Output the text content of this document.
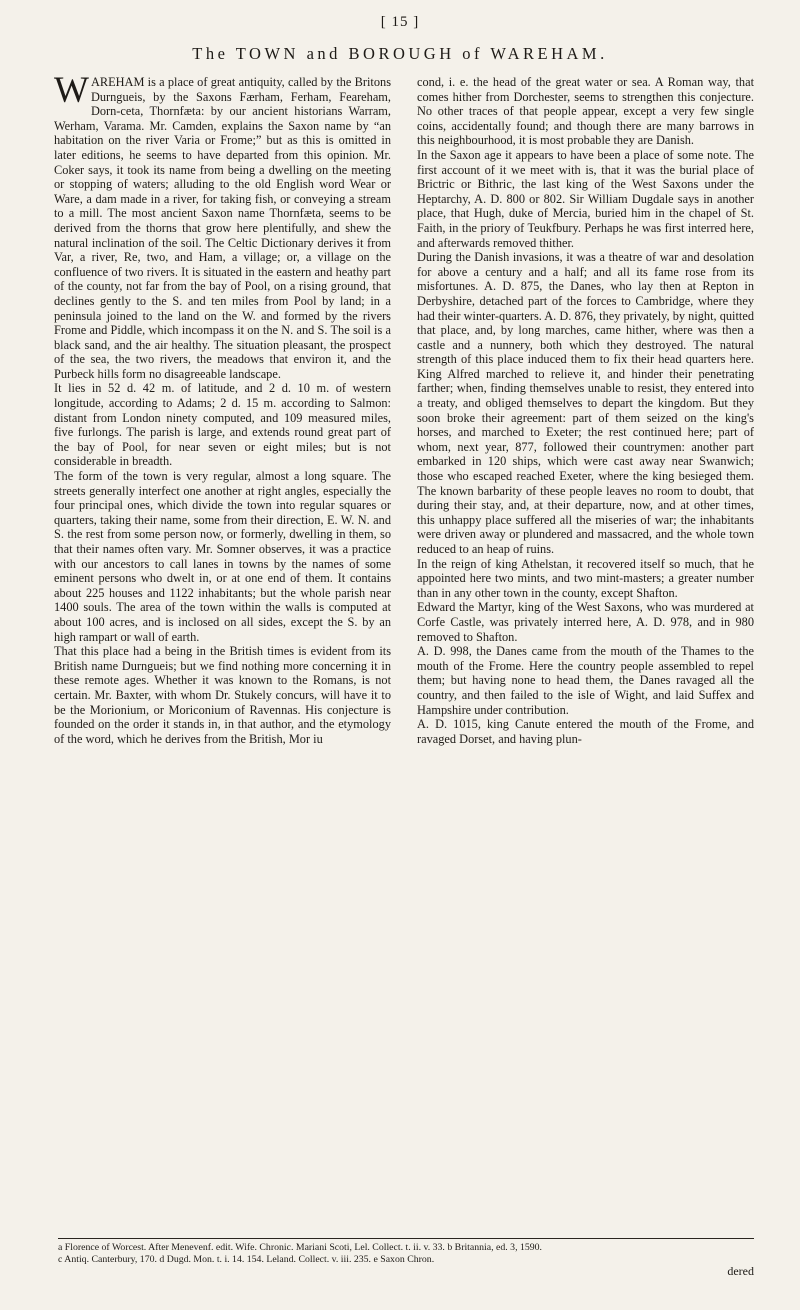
[ 15 ]
The TOWN and BOROUGH of WAREHAM.
W AREHAM is a place of great antiquity, called by the Britons Durngueis, by the Saxons Færham, Ferham, Feareham, Dorn-ceta, Thornfæta: by our ancient historians Warram, Werham, Varama. Mr. Camden, explains the Saxon name by “an habitation on the river Varia or Frome;” but as this is omitted in later editions, he seems to have departed from this opinion. Mr. Coker says, it took its name from being a dwelling on the meeting or stopping of waters; alluding to the old English word Wear or Ware, a dam made in a river, for taking fish, or conveying a stream to a mill. The most ancient Saxon name Thornfæta, seems to be derived from the thorns that grow here plentifully, and shew the natural inclination of the soil. The Celtic Dictionary derives it from Var, a river, Re, two, and Ham, a village; or, a village on the confluence of two rivers. It is situated in the eastern and heathy part of the county, not far from the bay of Pool, on a rising ground, that declines gently to the S. and ten miles from Pool by land; in a peninsula joined to the land on the W. and formed by the rivers Frome and Piddle, which incompass it on the N. and S. The soil is a black sand, and the air healthy. The situation pleasant, the prospect of the sea, the two rivers, the meadows that environ it, and the Purbeck hills form no disagreeable landscape.

It lies in 52 d. 42 m. of latitude, and 2 d. 10 m. of western longitude, according to Adams; 2 d. 15 m. according to Salmon: distant from London ninety computed, and 109 measured miles, five furlongs. The parish is large, and extends round great part of the bay of Pool, for near seven or eight miles; but is not considerable in breadth.

The form of the town is very regular, almost a long square. The streets generally interfect one another at right angles, especially the four principal ones, which divide the town into regular squares or quarters, taking their name, some from their direction, E. W. N. and S. the rest from some person now, or formerly, dwelling in them, so that their names often vary. Mr. Somner observes, it was a practice with our ancestors to call lanes in towns by the names of some eminent persons who dwelt in, or at one end of them. It contains about 225 houses and 1122 inhabitants; but the whole parish near 1400 souls. The area of the town within the walls is computed at about 100 acres, and is inclosed on all sides, except the S. by an high rampart or wall of earth.

That this place had a being in the British times is evident from its British name Durngueis; but we find nothing more concerning it in these remote ages. Whether it was known to the Romans, is not certain. Mr. Baxter, with whom Dr. Stukely concurs, will have it to be the Morionium, or Moriconium of Ravennas. His conjecture is founded on the order it stands in, in that author, and the etymology of the word, which he derives from the British, Mor iu

cond, i. e. the head of the great water or sea. A Roman way, that comes hither from Dorchester, seems to strengthen this conjecture. No other traces of that people appear, except a very few single coins, accidentally found; and though there are many barrows in this neighbourhood, it is most probable they are Danish.

In the Saxon age it appears to have been a place of some note. The first account of it we meet with is, that it was the burial place of Brictric or Bithric, the last king of the West Saxons under the Heptarchy, A. D. 800 or 802. Sir William Dugdale says in another place, that Hugh, duke of Mercia, buried him in the chapel of St. Faith, in the priory of Teukfbury. Perhaps he was first interred here, and afterwards removed thither.

During the Danish invasions, it was a theatre of war and desolation for above a century and a half; and all its fame rose from its misfortunes. A. D. 875, the Danes, who lay then at Repton in Derbyshire, detached part of the forces to Cambridge, where they had their winter-quarters. A. D. 876, they privately, by night, quitted that place, and, by long marches, came hither, where was then a castle and a nunnery, both which they destroyed. The natural strength of this place induced them to fix their head quarters here. King Alfred marched to relieve it, and hinder their penetrating farther; when, finding themselves unable to resist, they entered into a treaty, and obliged themselves to depart the kingdom. But they soon broke their agreement: part of them seized on the king's horses, and marched to Exeter; the rest continued here; part of whom, next year, 877, followed their countrymen: another part embarked in 120 ships, which were cast away near Swanwich; those who escaped reached Exeter, where the king besieged them. The known barbarity of these people leaves no room to doubt, that during their stay, and, at their departure, now, and at other times, this unhappy place suffered all the miseries of war; the inhabitants were driven away or plundered and massacred, and the whole town reduced to an heap of ruins.

In the reign of king Athelstan, it recovered itself so much, that he appointed here two mints, and two mint-masters; a greater number than in any other town in the county, except Shafton.

Edward the Martyr, king of the West Saxons, who was murdered at Corfe Castle, was privately interred here, A. D. 978, and in 980 removed to Shafton.

A. D. 998, the Danes came from the mouth of the Thames to the mouth of the Frome. Here the country people assembled to repel them; but having none to head them, the Danes ravaged all the country, and then failed to the isle of Wight, and laid Suffex and Hampshire under contribution.

A. D. 1015, king Canute entered the mouth of the Frome, and ravaged Dorset, and having plun-

a Florence of Worcest. After Menevenf. edit. Wife. Chronic. Mariani Scoti, Lel. Collect. t. ii. v. 33. b Britannia, ed. 3, 1590.
c Antiq. Canterbury, 170. d Dugd. Mon. t. i. 14. 154. Leland. Collect. v. iii. 235. e Saxon Chron.
dered
